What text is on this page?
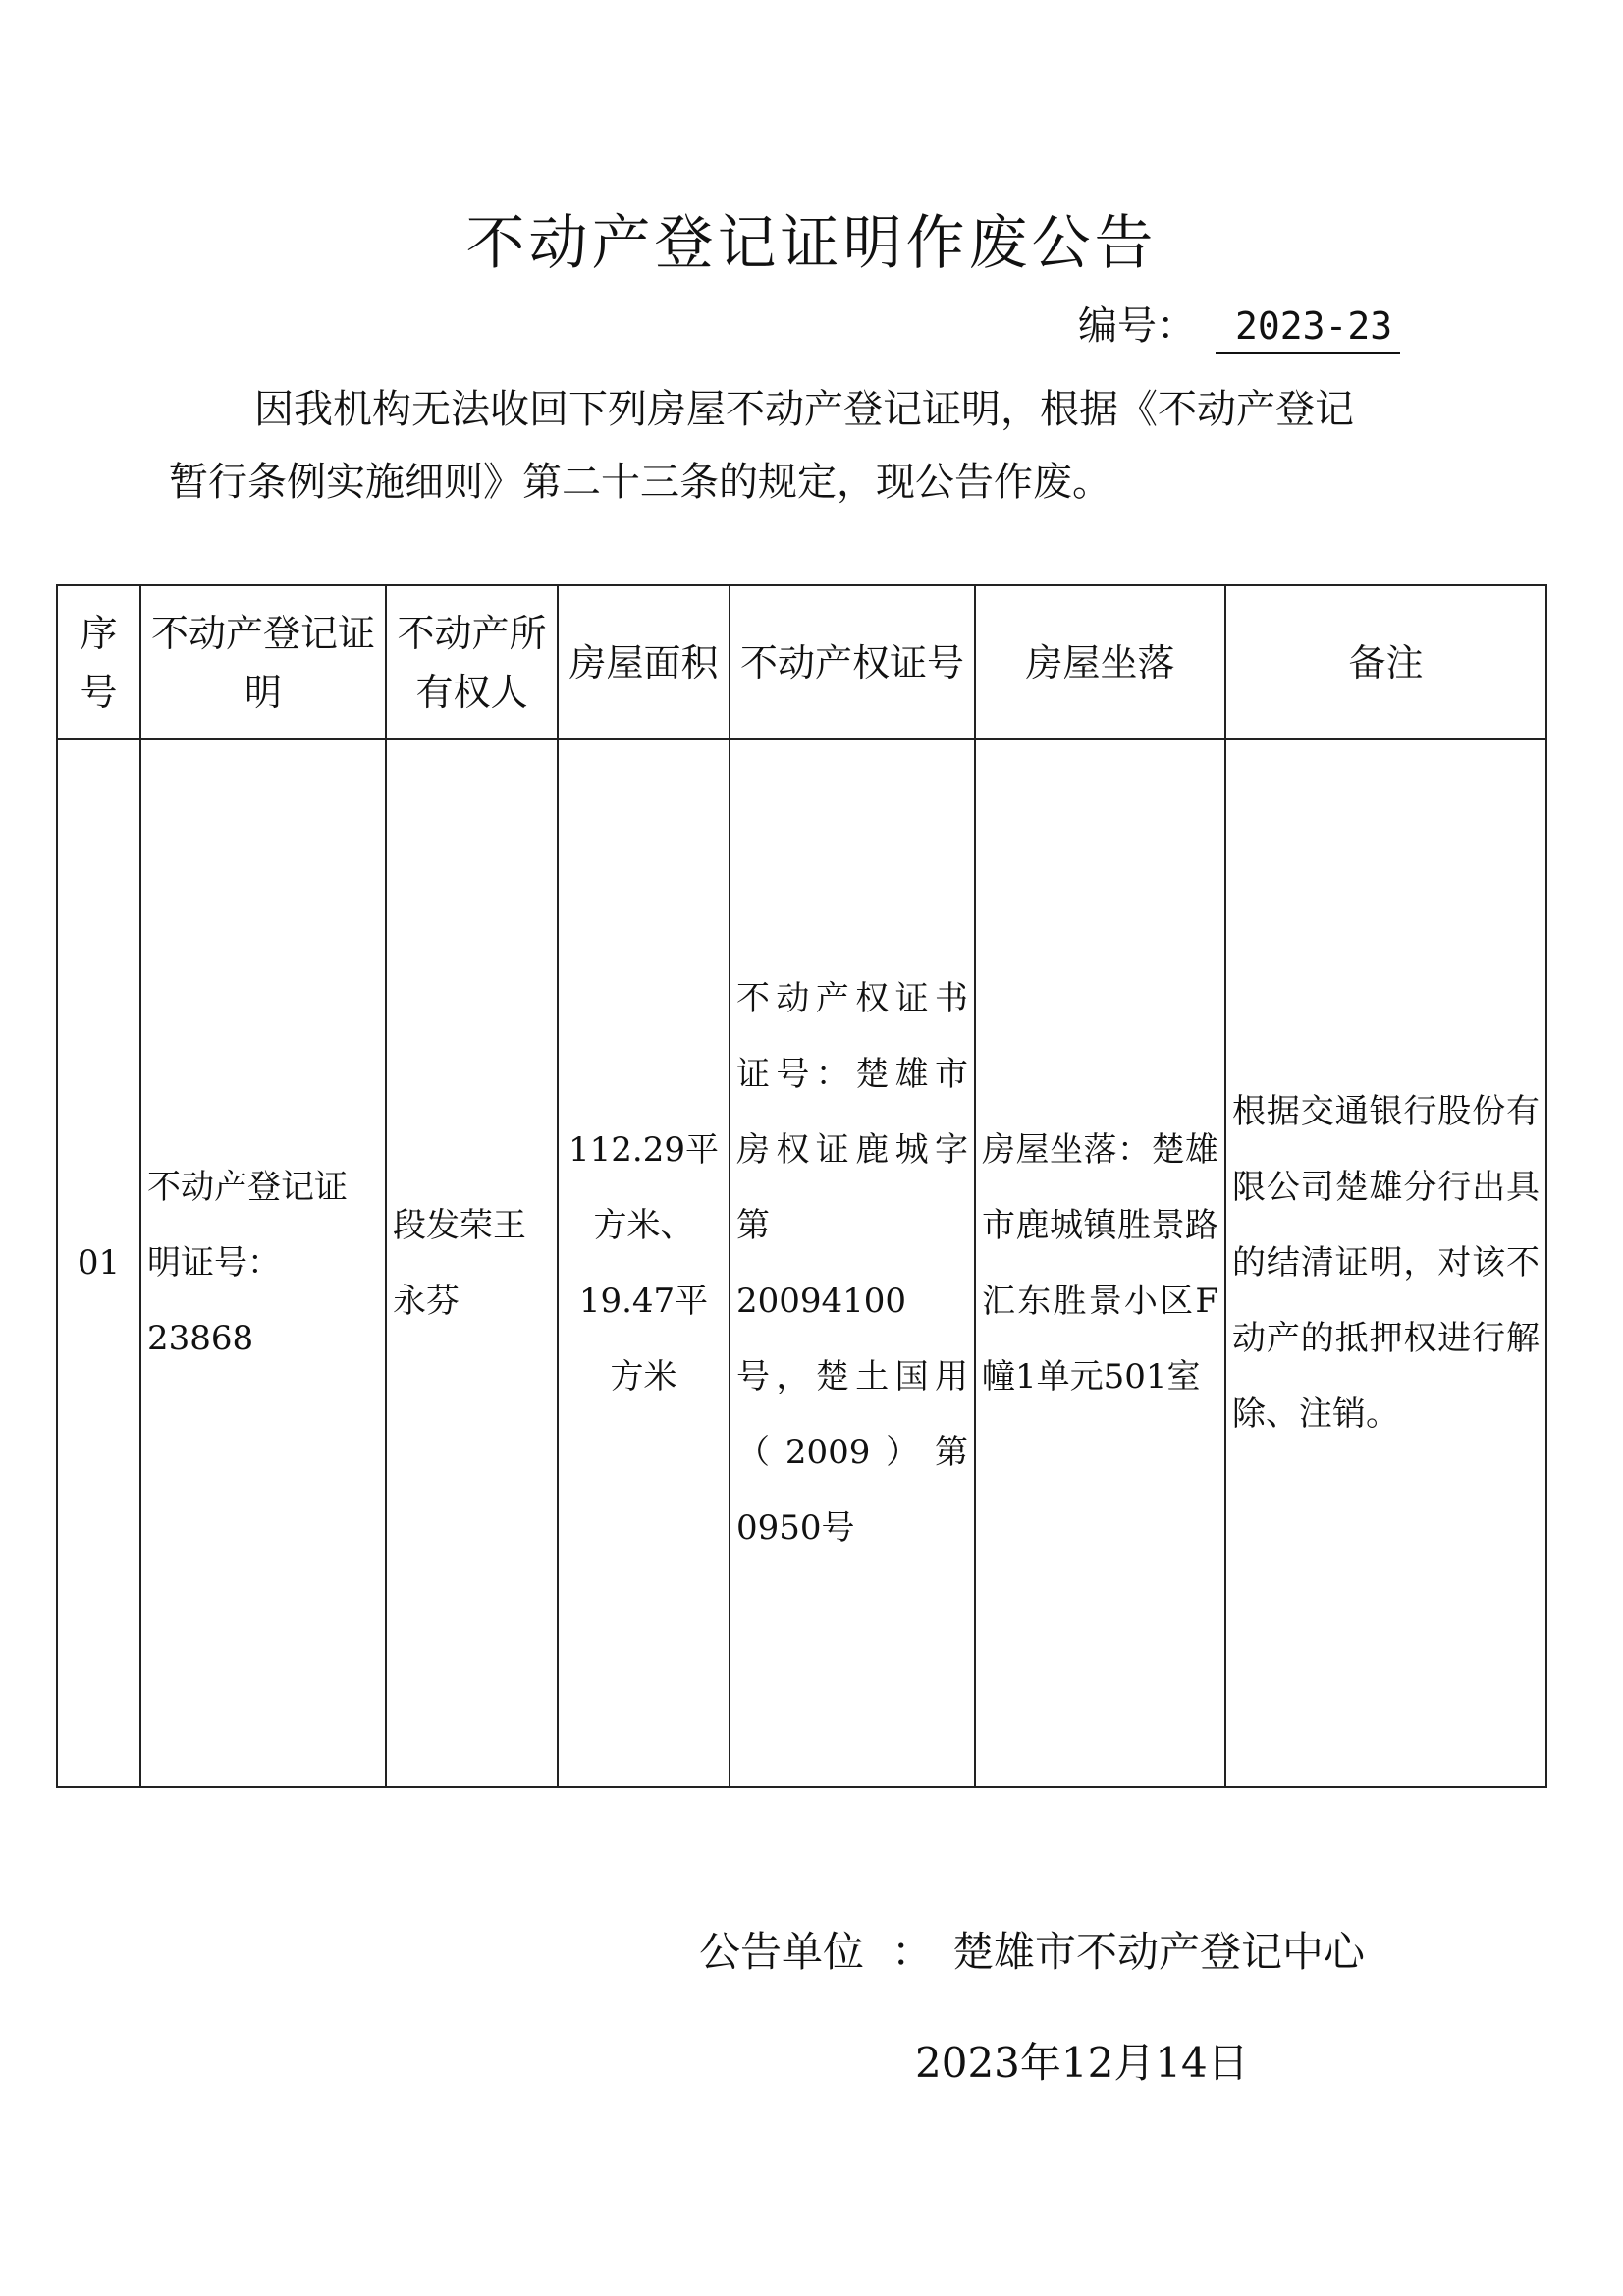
不动产登记证明作废公告
编号： 2023-23
因我机构无法收回下列房屋不动产登记证明，根据《不动产登记
暂行条例实施细则》第二十三条的规定，现公告作废。
序号	不动产登记证明	不动产所有权人	房屋面积	不动产权证号	房屋坐落	备注
01	不动产登记证明证号：23868	段发荣王永芬	112.29平方米、19.47平方米	不动产权证书证号：楚雄市房权证鹿城字第　20094100号，楚土国用（2009）第0950号	房屋坐落：楚雄市鹿城镇胜景路汇东胜景小区F幢1单元501室	根据交通银行股份有限公司楚雄分行出具的结清证明，对该不动产的抵押权进行解除、注销。
公告单位 ： 楚雄市不动产登记中心
2023年12月14日
